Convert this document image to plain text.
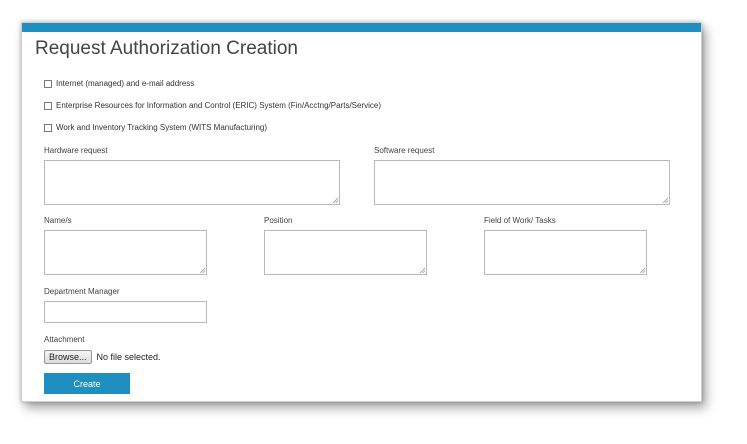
Request Authorization Creation
Internet (managed) and e-mail address
Enterprise Resources for Information and Control (ERIC) System (Fin/Acctng/Parts/Service)
Work and Inventory Tracking System (WITS Manufacturing)
Hardware request	Software request
Name/s	Position	Field of Work/ Tasks
Department Manager
Attachment
Browse...	No file selected.
Create
